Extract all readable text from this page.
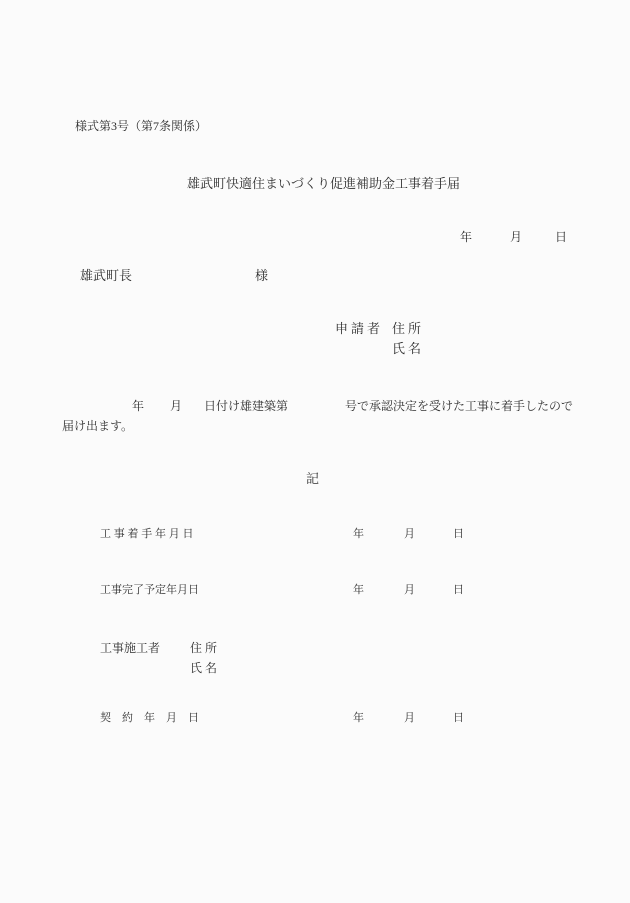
様式第3号（第7条関係）
雄武町快適住まいづくり促進補助金工事着手届
年	月	日
雄武町長	様
申請者 住所
氏名
年 月 日付け雄建築第	号で承認決定を受けた工事に着手したので
届け出ます。
記
工 事 着 手 年 月 日	年	月	日
工事完了予定年月日	年	月	日
工事施工者 住所
氏名
契　約　年　月　日	年	月	日
